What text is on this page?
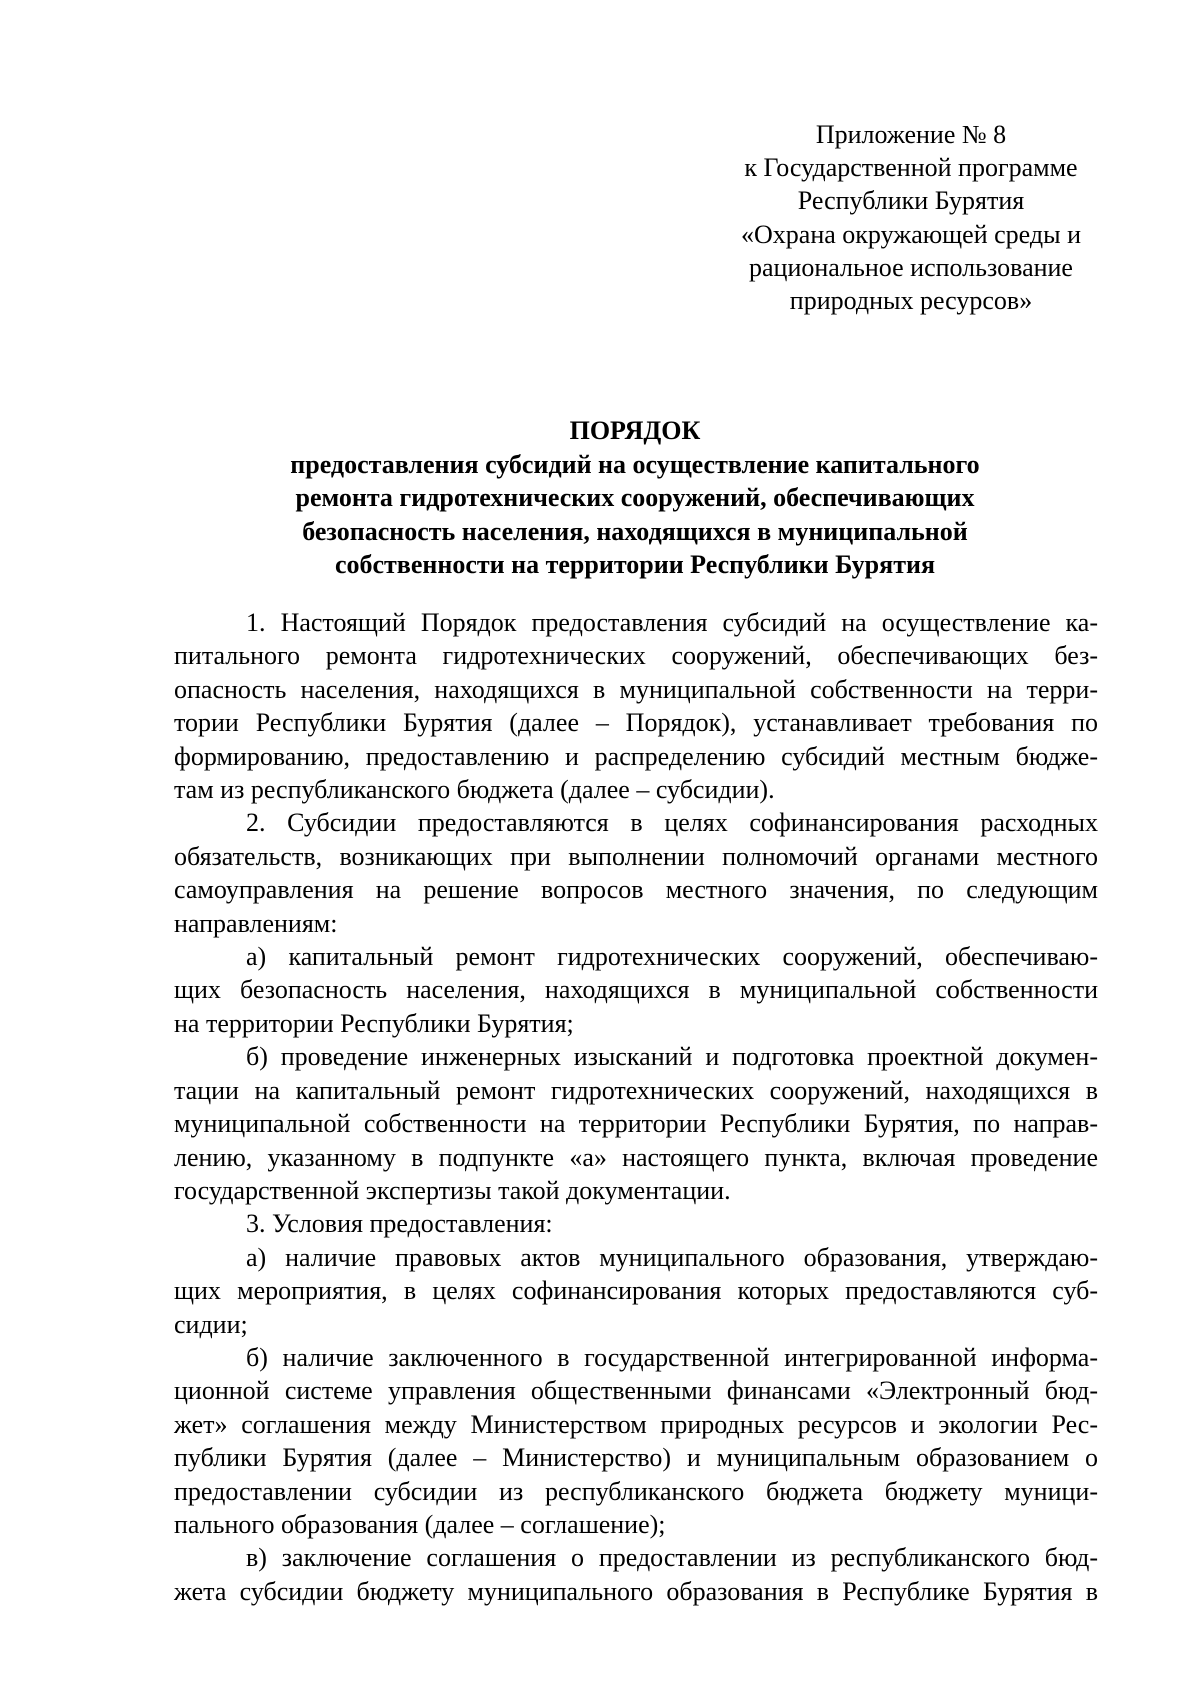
Приложение № 8
к Государственной программе
Республики Бурятия
«Охрана окружающей среды и
рациональное использование
природных ресурсов»
ПОРЯДОК
предоставления субсидий на осуществление капитального
ремонта гидротехнических сооружений, обеспечивающих
безопасность населения, находящихся в муниципальной
собственности на территории Республики Бурятия

1. Настоящий Порядок предоставления субсидий на осуществление ка-
питального ремонта гидротехнических сооружений, обеспечивающих без-
опасность населения, находящихся в муниципальной собственности на терри-
тории Республики Бурятия (далее – Порядок), устанавливает требования по
формированию, предоставлению и распределению субсидий местным бюдже-
там из республиканского бюджета (далее – субсидии).

2. Субсидии предоставляются в целях софинансирования расходных
обязательств, возникающих при выполнении полномочий органами местного
самоуправления на решение вопросов местного значения, по следующим
направлениям:

а) капитальный ремонт гидротехнических сооружений, обеспечиваю-
щих безопасность населения, находящихся в муниципальной собственности
на территории Республики Бурятия;

б) проведение инженерных изысканий и подготовка проектной докумен-
тации на капитальный ремонт гидротехнических сооружений, находящихся в
муниципальной собственности на территории Республики Бурятия, по направ-
лению, указанному в подпункте «а» настоящего пункта, включая проведение
государственной экспертизы такой документации.

3. Условия предоставления:

а) наличие правовых актов муниципального образования, утверждаю-
щих мероприятия, в целях софинансирования которых предоставляются суб-
сидии;

б) наличие заключенного в государственной интегрированной информа-
ционной системе управления общественными финансами «Электронный бюд-
жет» соглашения между Министерством природных ресурсов и экологии Рес-
публики Бурятия (далее – Министерство) и муниципальным образованием о
предоставлении субсидии из республиканского бюджета бюджету муници-
пального образования (далее – соглашение);

в) заключение соглашения о предоставлении из республиканского бюд-
жета субсидии бюджету муниципального образования в Республике Бурятия в
